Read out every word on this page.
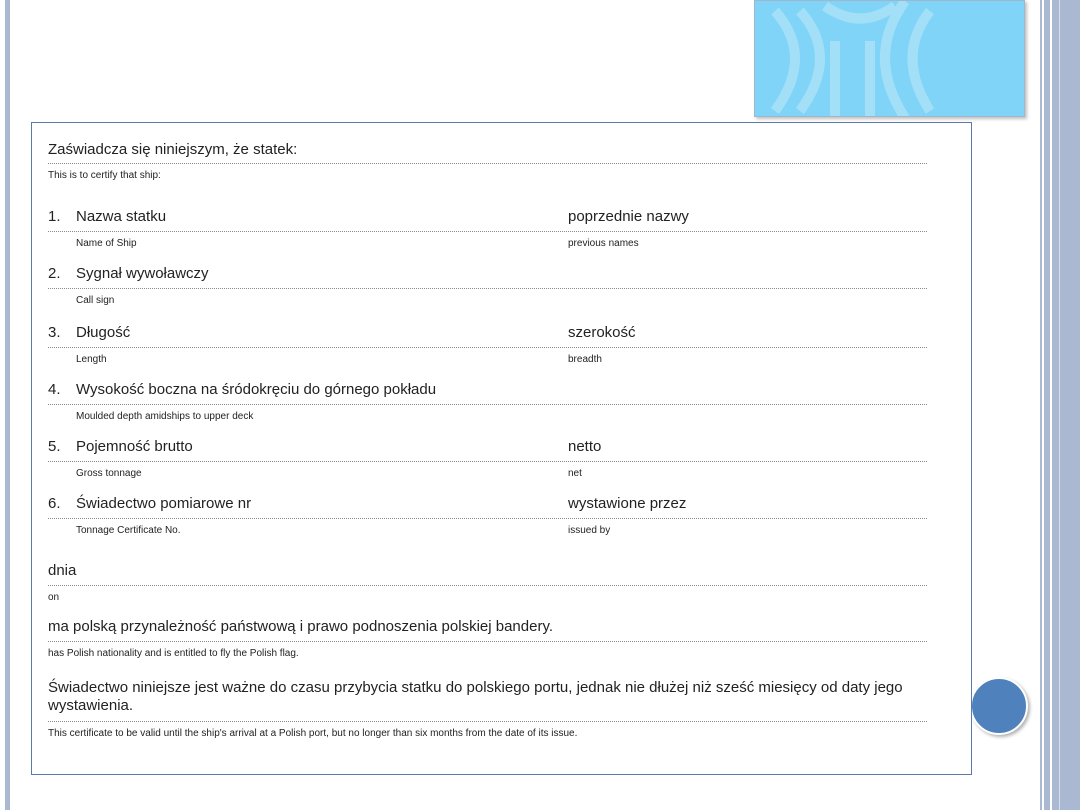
Zaświadcza się niniejszym, że statek:
This is to certify that ship:
1. Nazwa statku	poprzednie nazwy
Name of Ship	previous names
2. Sygnał wywoławczy
Call sign
3. Długość	szerokość
Length	breadth
4. Wysokość boczna na śródokręciu do górnego pokładu
Moulded depth amidships to upper deck
5. Pojemność brutto	netto
Gross tonnage	net
6. Świadectwo pomiarowe nr	wystawione przez
Tonnage Certificate No.	issued by
dnia
on
ma polską przynależność państwową i prawo podnoszenia polskiej bandery.
has Polish nationality and is entitled to fly the Polish flag.
Świadectwo niniejsze jest ważne do czasu przybycia statku do polskiego portu, jednak nie dłużej niż sześć miesięcy od daty jego wystawienia.
This certificate to be valid until the ship's arrival at a Polish port, but no longer than six months from the date of its issue.
